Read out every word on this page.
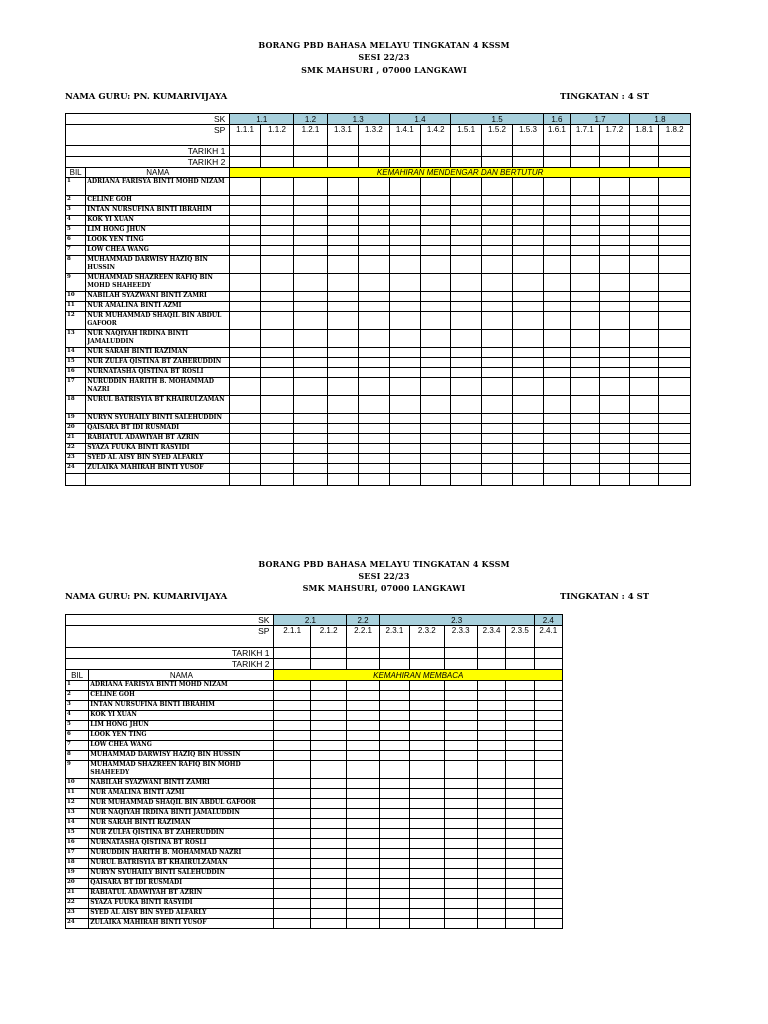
BORANG PBD BAHASA MELAYU TINGKATAN 4 KSSM
SESI 22/23
SMK MAHSURI , 07000 LANGKAWI
NAMA GURU: PN. KUMARIVIJAYA	TINGKATAN : 4 ST
SK		1.1		1.2	1.3		1.4		1.5			1.6	1.7		1.8	
SP		1.1.1	1.1.2	1.2.1	1.3.1	1.3.2	1.4.1	1.4.2	1.5.1	1.5.2	1.5.3	1.6.1	1.7.1	1.7.2	1.8.1	1.8.2
TARIKH 1																
TARIKH 2																
BIL	NAMA	KEMAHIRAN MENDENGAR DAN BERTUTUR														
1	ADRIANA FARISYA BINTI MOHD NIZAM															
2	CELINE GOH															
3	INTAN NURSUFINA BINTI IBRAHIM															
4	KOK YI XUAN															
5	LIM HONG JHUN															
6	LOOK YEN TING															
7	LOW CHEA WANG															
8	MUHAMMAD DARWISY HAZIQ BIN HUSSIN															
9	MUHAMMAD SHAZREEN RAFIQ BIN MOHD SHAHEEDY															
10	NABILAH SYAZWANI BINTI ZAMRI															
11	NUR AMALINA BINTI AZMI															
12	NUR MUHAMMAD SHAQIL BIN ABDUL GAFOOR															
13	NUR NAQIYAH IRDINA BINTI JAMALUDDIN															
14	NUR SARAH BINTI RAZIMAN															
15	NUR ZULFA QISTINA BT ZAHERUDDIN															
16	NURNATASHA QISTINA BT ROSLI															
17	NURUDDIN HARITH B. MOHAMMAD NAZRI															
18	NURUL BATRISYIA BT KHAIRULZAMAN															
19	NURYN SYUHAILY BINTI SALEHUDDIN															
20	QAISARA BT IDI RUSMADI															
21	RABIATUL ADAWIYAH BT AZRIN															
22	SYAZA FUUKA BINTI RASYIDI															
23	SYED AL AISY BIN SYED ALFARLY															
24	ZULAIKA MAHIRAH BINTI YUSOF															

BORANG PBD BAHASA MELAYU TINGKATAN 4 KSSM
SESI 22/23
SMK MAHSURI, 07000 LANGKAWI
NAMA GURU: PN. KUMARIVIJAYA	TINGKATAN : 4 ST
SK		2.1		2.2	2.3					2.4
SP		2.1.1	2.1.2	2.2.1	2.3.1	2.3.2	2.3.3	2.3.4	2.3.5	2.4.1
TARIKH 1										
TARIKH 2										
BIL	NAMA	KEMAHIRAN MEMBACA								
1	ADRIANA FARISYA BINTI MOHD NIZAM									
2	CELINE GOH									
3	INTAN NURSUFINA BINTI IBRAHIM									
4	KOK YI XUAN									
5	LIM HONG JHUN									
6	LOOK YEN TING									
7	LOW CHEA WANG									
8	MUHAMMAD DARWISY HAZIQ BIN HUSSIN									
9	MUHAMMAD SHAZREEN RAFIQ BIN MOHD SHAHEEDY									
10	NABILAH SYAZWANI BINTI ZAMRI									
11	NUR AMALINA BINTI AZMI									
12	NUR MUHAMMAD SHAQIL BIN ABDUL GAFOOR									
13	NUR NAQIYAH IRDINA BINTI JAMALUDDIN									
14	NUR SARAH BINTI RAZIMAN									
15	NUR ZULFA QISTINA BT ZAHERUDDIN									
16	NURNATASHA QISTINA BT ROSLI									
17	NURUDDIN HARITH B. MOHAMMAD NAZRI									
18	NURUL BATRISYIA BT KHAIRULZAMAN									
19	NURYN SYUHAILY BINTI SALEHUDDIN									
20	QAISARA BT IDI RUSMADI									
21	RABIATUL ADAWIYAH BT AZRIN									
22	SYAZA FUUKA BINTI RASYIDI									
23	SYED AL AISY BIN SYED ALFARLY									
24	ZULAIKA MAHIRAH BINTI YUSOF									
